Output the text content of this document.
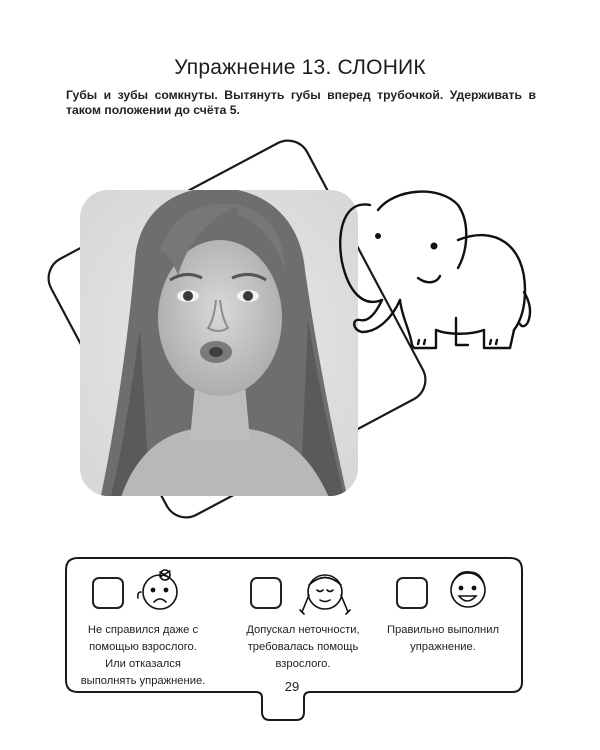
Упражнение 13. СЛОНИК
Губы и зубы сомкнуты. Вытянуть губы вперед трубочкой. Удерживать в таком положении до счёта 5.
Не справился даже с
помощью взрослого.
Или отказался
выполнять упражнение.
Допускал неточности,
требовалась помощь
взрослого.
Правильно выполнил
упражнение.
29
